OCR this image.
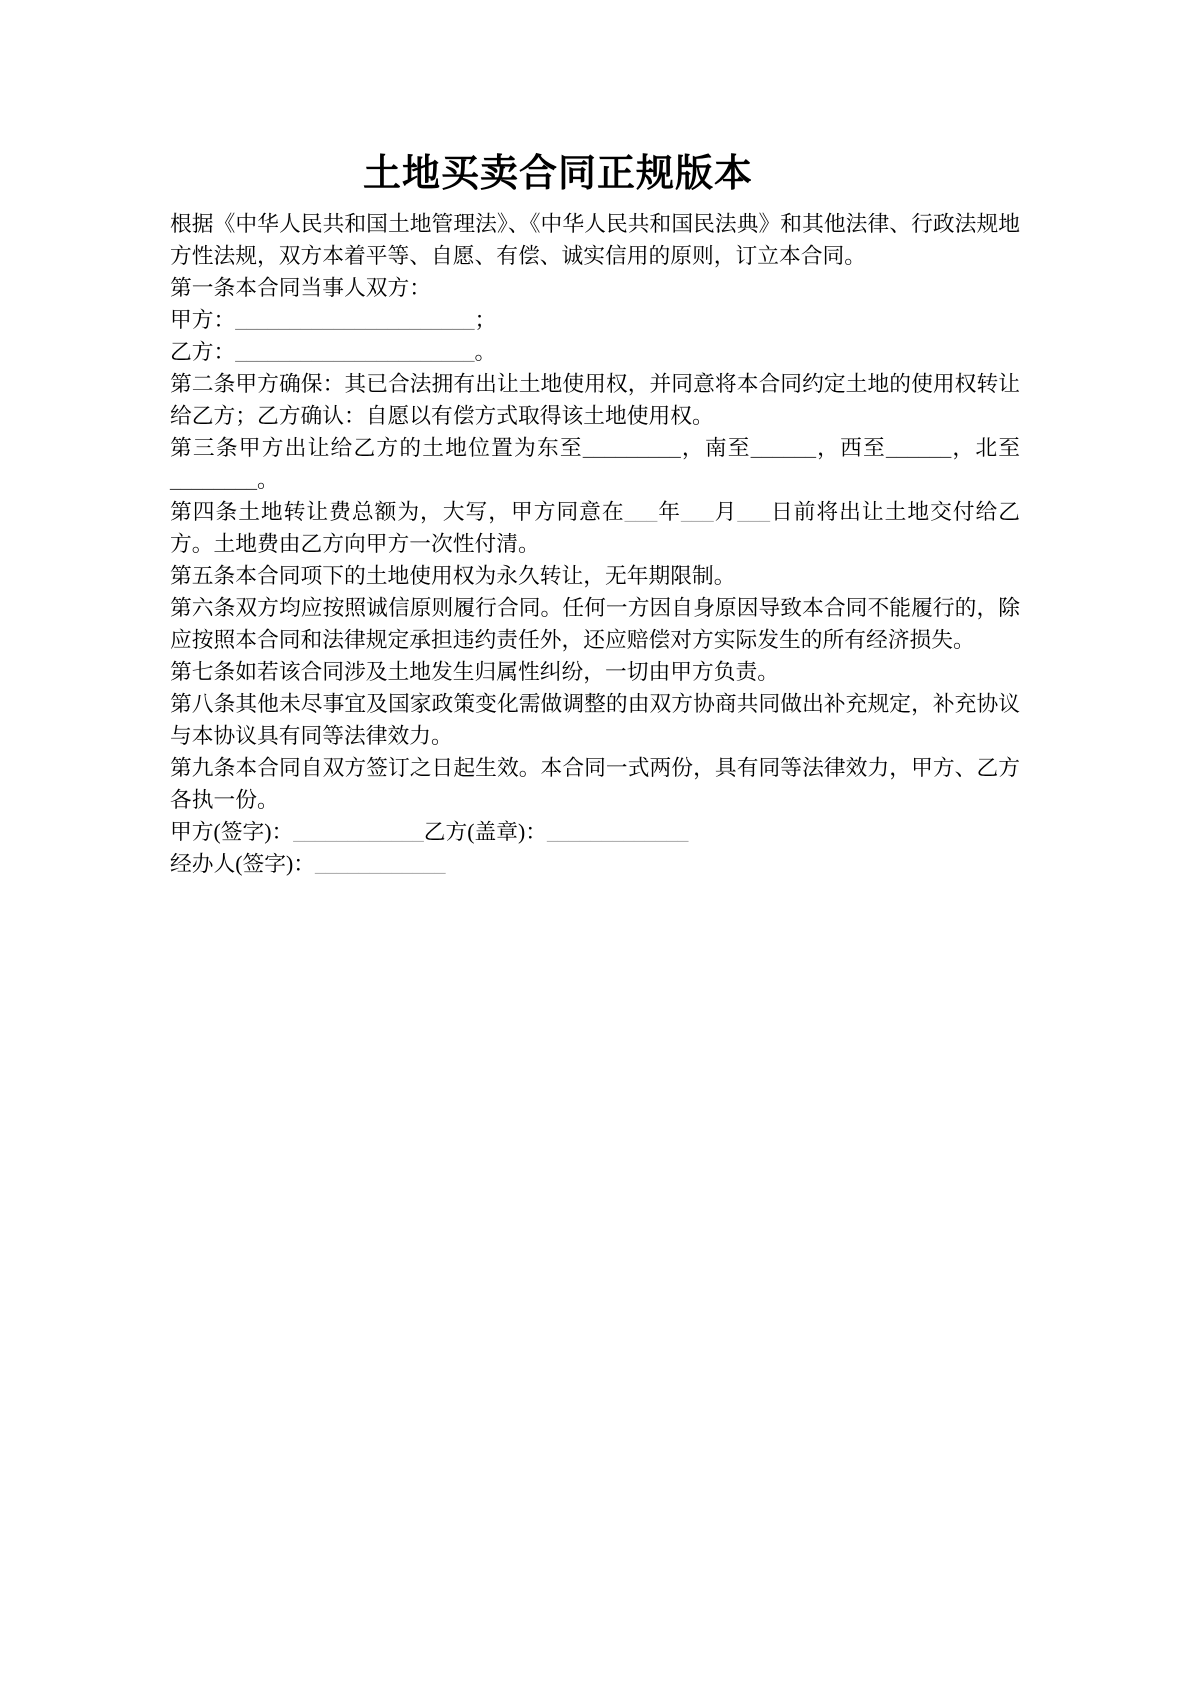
土地买卖合同正规版本

根据《中华人民共和国土地管理法》、《中华人民共和国民法典》和其他法律、行政法规地方性法规，双方本着平等、自愿、有偿、诚实信用的原则，订立本合同。

第一条本合同当事人双方：

甲方：______________________；

乙方：______________________。

第二条甲方确保：其已合法拥有出让土地使用权，并同意将本合同约定土地的使用权转让给乙方；乙方确认：自愿以有偿方式取得该土地使用权。

第三条甲方出让给乙方的土地位置为东至_________，南至______，西至______，北至________。

第四条土地转让费总额为，大写，甲方同意在___年___月___日前将出让土地交付给乙方。土地费由乙方向甲方一次性付清。

第五条本合同项下的土地使用权为永久转让，无年期限制。

第六条双方均应按照诚信原则履行合同。任何一方因自身原因导致本合同不能履行的，除应按照本合同和法律规定承担违约责任外，还应赔偿对方实际发生的所有经济损失。

第七条如若该合同涉及土地发生归属性纠纷，一切由甲方负责。

第八条其他未尽事宜及国家政策变化需做调整的由双方协商共同做出补充规定，补充协议与本协议具有同等法律效力。

第九条本合同自双方签订之日起生效。本合同一式两份，具有同等法律效力，甲方、乙方各执一份。

甲方(签字)：____________乙方(盖章)：_____________

经办人(签字)：____________
